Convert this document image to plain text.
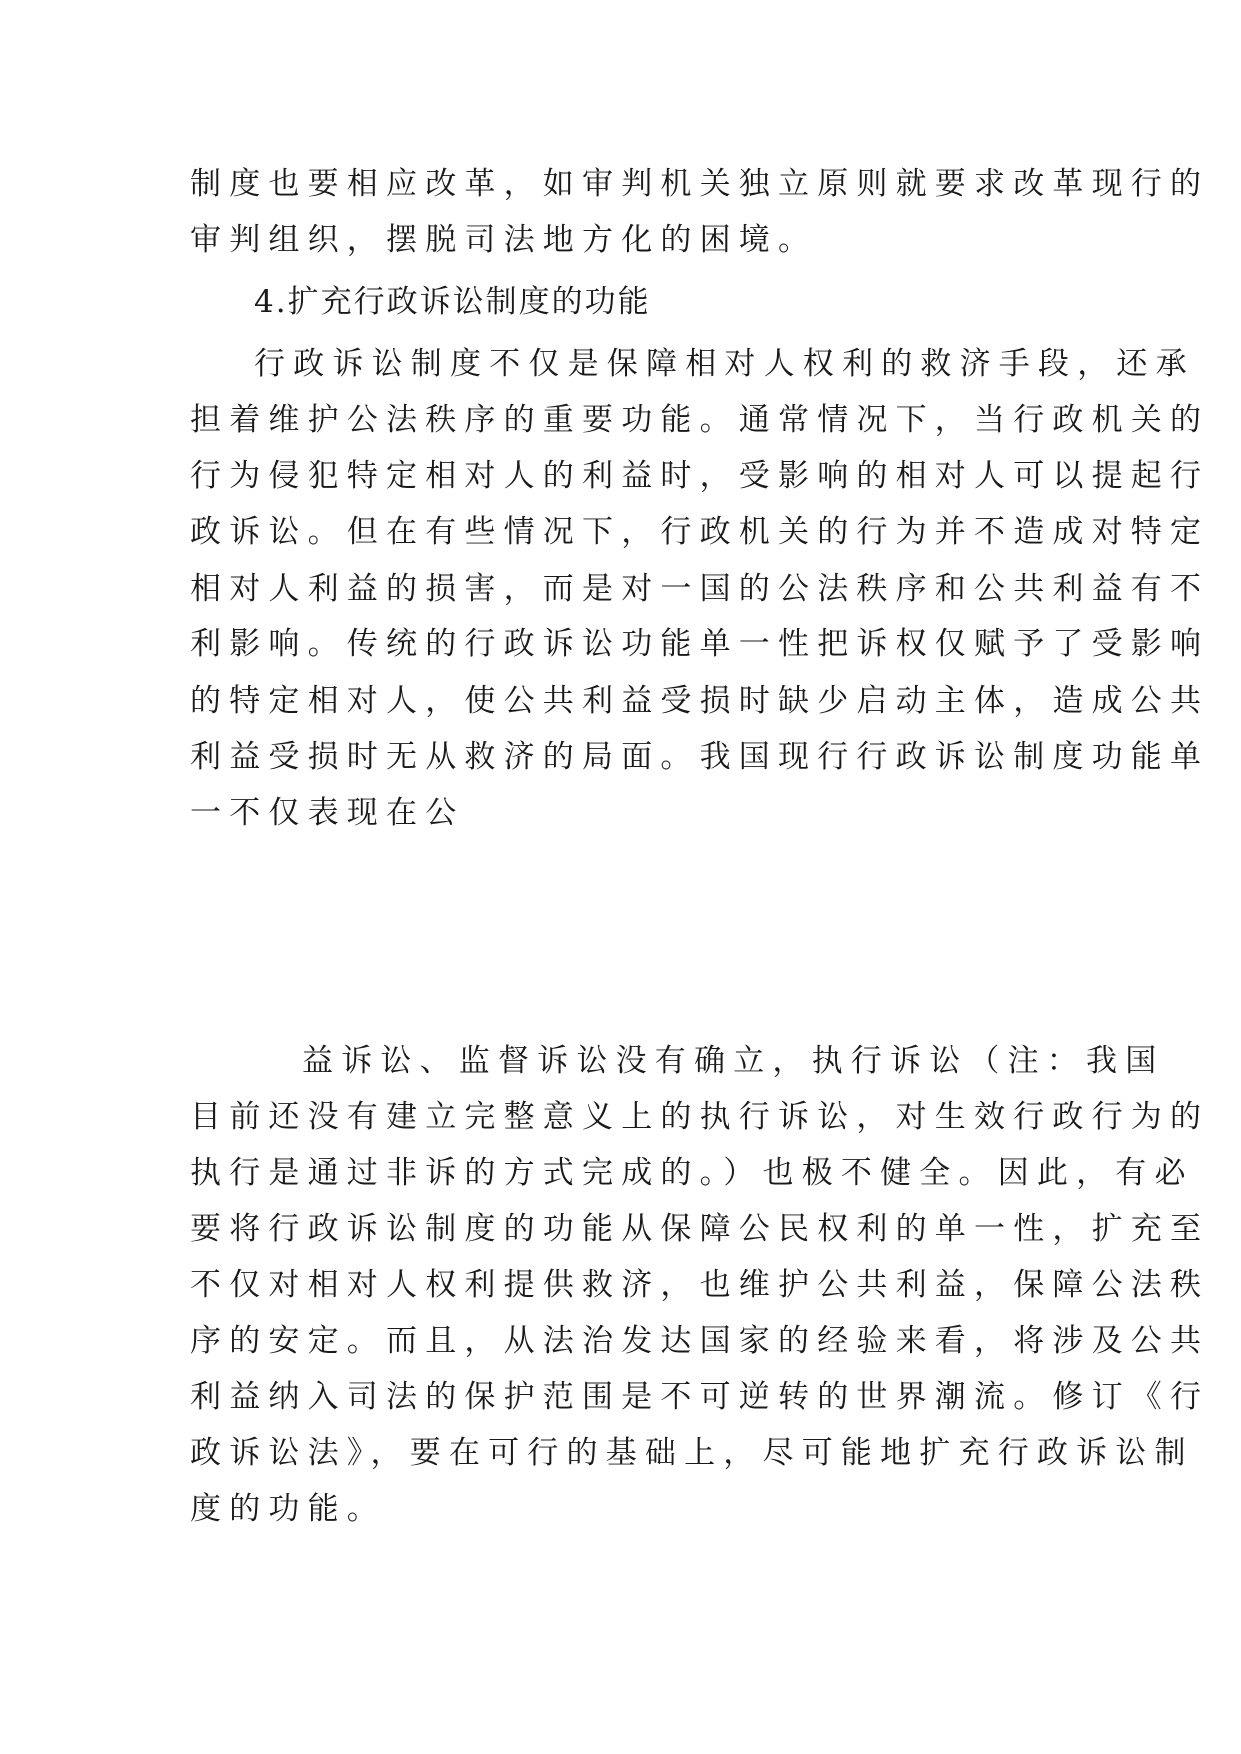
制度也要相应改革，如审判机关独立原则就要求改革现行的

审判组织，摆脱司法地方化的困境。

4.扩充行政诉讼制度的功能

行政诉讼制度不仅是保障相对人权利的救济手段，还承

担着维护公法秩序的重要功能。通常情况下，当行政机关的

行为侵犯特定相对人的利益时，受影响的相对人可以提起行

政诉讼。但在有些情况下，行政机关的行为并不造成对特定

相对人利益的损害，而是对一国的公法秩序和公共利益有不

利影响。传统的行政诉讼功能单一性把诉权仅赋予了受影响

的特定相对人，使公共利益受损时缺少启动主体，造成公共

利益受损时无从救济的局面。我国现行行政诉讼制度功能单

一不仅表现在公

益诉讼、监督诉讼没有确立，执行诉讼（注：我国

目前还没有建立完整意义上的执行诉讼，对生效行政行为的

执行是通过非诉的方式完成的。）也极不健全。因此，有必

要将行政诉讼制度的功能从保障公民权利的单一性，扩充至

不仅对相对人权利提供救济，也维护公共利益，保障公法秩

序的安定。而且，从法治发达国家的经验来看，将涉及公共

利益纳入司法的保护范围是不可逆转的世界潮流。修订《行

政诉讼法》，要在可行的基础上，尽可能地扩充行政诉讼制

度的功能。
